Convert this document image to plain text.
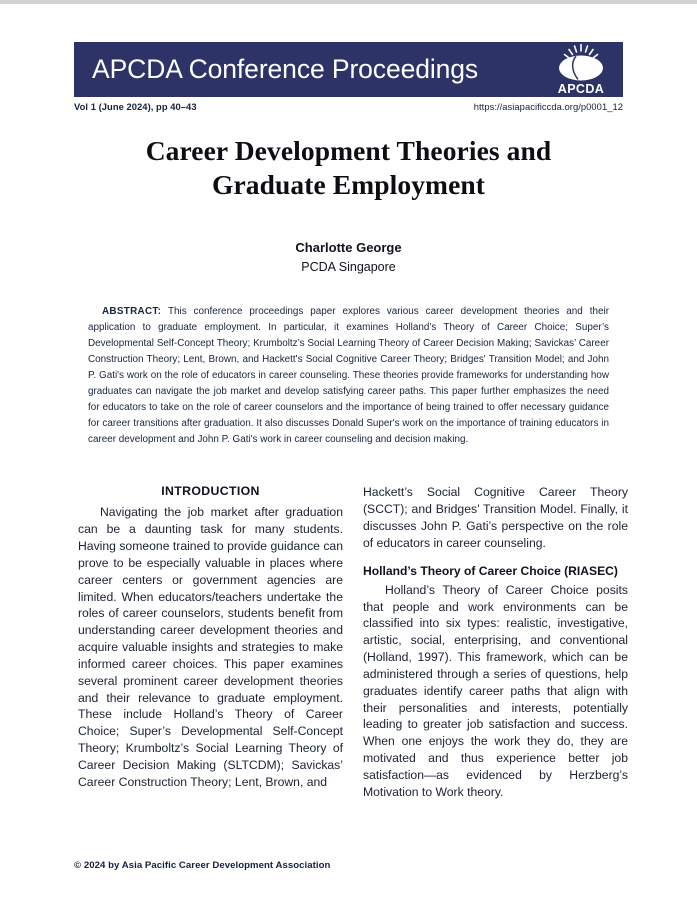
APCDA Conference Proceedings
APCDA
Vol 1 (June 2024), pp 40–43	https://asiapacificcda.org/p0001_12
Career Development Theories and Graduate Employment
Charlotte George
PCDA Singapore
ABSTRACT: This conference proceedings paper explores various career development theories and their application to graduate employment. In particular, it examines Holland’s Theory of Career Choice; Super’s Developmental Self-Concept Theory; Krumboltz’s Social Learning Theory of Career Decision Making; Savickas’ Career Construction Theory; Lent, Brown, and Hackett's Social Cognitive Career Theory; Bridges' Transition Model; and John P. Gati's work on the role of educators in career counseling. These theories provide frameworks for understanding how graduates can navigate the job market and develop satisfying career paths. This paper further emphasizes the need for educators to take on the role of career counselors and the importance of being trained to offer necessary guidance for career transitions after graduation. It also discusses Donald Super's work on the importance of training educators in career development and John P. Gati's work in career counseling and decision making.
INTRODUCTION

Navigating the job market after graduation can be a daunting task for many students. Having someone trained to provide guidance can prove to be especially valuable in places where career centers or government agencies are limited. When educators/teachers undertake the roles of career counselors, students benefit from understanding career development theories and acquire valuable insights and strategies to make informed career choices. This paper examines several prominent career development theories and their relevance to graduate employment. These include Holland’s Theory of Career Choice; Super’s Developmental Self-Concept Theory; Krumboltz’s Social Learning Theory of Career Decision Making (SLTCDM); Savickas’ Career Construction Theory; Lent, Brown, and

Hackett’s Social Cognitive Career Theory (SCCT); and Bridges’ Transition Model. Finally, it discusses John P. Gati’s perspective on the role of educators in career counseling.

Holland’s Theory of Career Choice (RIASEC)

Holland’s Theory of Career Choice posits that people and work environments can be classified into six types: realistic, investigative, artistic, social, enterprising, and conventional (Holland, 1997). This framework, which can be administered through a series of questions, help graduates identify career paths that align with their personalities and interests, potentially leading to greater job satisfaction and success. When one enjoys the work they do, they are motivated and thus experience better job satisfaction—as evidenced by Herzberg’s Motivation to Work theory.

© 2024 by Asia Pacific Career Development Association
